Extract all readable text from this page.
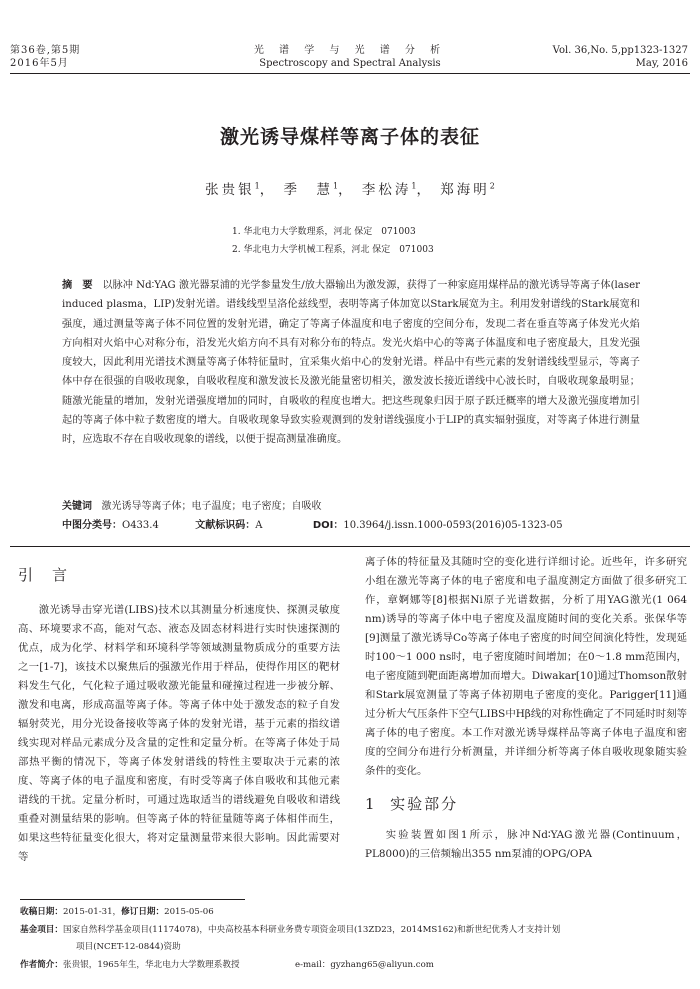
第36卷,第5期
2016年5月
光 谱 学 与 光 谱 分 析
Spectroscopy and Spectral Analysis
Vol. 36,No. 5,pp1323-1327
May, 2016
激光诱导煤样等离子体的表征
张贵银$^1$， 季　慧$^1$， 李松涛$^1$， 郑海明$^2$
1. 华北电力大学数理系，河北 保定　071003
2. 华北电力大学机械工程系，河北 保定　071003
摘　要 以脉冲 Nd∶YAG 激光器泵浦的光学参量发生/放大器输出为激发源，获得了一种家庭用煤样品的激光诱导等离子体(laser induced plasma，LIP)发射光谱。谱线线型呈洛伦兹线型，表明等离子体加宽以Stark展宽为主。利用发射谱线的Stark展宽和强度，通过测量等离子体不同位置的发射光谱，确定了等离子体温度和电子密度的空间分布，发现二者在垂直等离子体发光火焰方向相对火焰中心对称分布，沿发光火焰方向不具有对称分布的特点。发光火焰中心的等离子体温度和电子密度最大，且发光强度较大，因此利用光谱技术测量等离子体特征量时，宜采集火焰中心的发射光谱。样品中有些元素的发射谱线线型显示，等离子体中存在很强的自吸收现象，自吸收程度和激发波长及激光能量密切相关，激发波长接近谱线中心波长时，自吸收现象最明显；随激光能量的增加，发射光谱强度增加的同时，自吸收的程度也增大。把这些现象归因于原子跃迁概率的增大及激光强度增加引起的等离子体中粒子数密度的增大。自吸收现象导致实验观测到的发射谱线强度小于LIP的真实辐射强度，对等离子体进行测量时，应选取不存在自吸收现象的谱线，以便于提高测量准确度。
关键词 激光诱导等离子体；电子温度；电子密度；自吸收
中图分类号：O433.4	文献标识码：A	DOI：10.3964/j.issn.1000-0593(2016)05-1323-05
引　言

激光诱导击穿光谱(LIBS)技术以其测量分析速度快、探测灵敏度高、环境要求不高，能对气态、液态及固态材料进行实时快速探测的优点，成为化学、材料学和环境科学等领域测量物质成分的重要方法之一[1-7]，该技术以聚焦后的强激光作用于样品，使得作用区的靶材料发生气化，气化粒子通过吸收激光能量和碰撞过程进一步被分解、激发和电离，形成高温等离子体。等离子体中处于激发态的粒子自发辐射荧光，用分光设备接收等离子体的发射光谱，基于元素的指纹谱线实现对样品元素成分及含量的定性和定量分析。在等离子体处于局部热平衡的情况下，等离子体发射谱线的特性主要取决于元素的浓度、等离子体的电子温度和密度，有时受等离子体自吸收和其他元素谱线的干扰。定量分析时，可通过选取适当的谱线避免自吸收和谱线重叠对测量结果的影响。但等离子体的特征量随等离子体相伴而生，如果这些特征量变化很大，将对定量测量带来很大影响。因此需要对等

离子体的特征量及其随时空的变化进行详细讨论。近些年，许多研究小组在激光等离子体的电子密度和电子温度测定方面做了很多研究工作，章婀娜等[8]根据Ni原子光谱数据，分析了用YAG激光(1 064 nm)诱导的等离子体中电子密度及温度随时间的变化关系。张保华等[9]测量了激光诱导Co等离子体电子密度的时间空间演化特性，发现延时100～1 000 ns时，电子密度随时间增加；在0～1.8 mm范围内，电子密度随到靶面距离增加而增大。Diwakar[10]通过Thomson散射和Stark展宽测量了等离子体初期电子密度的变化。Parigger[11]通过分析大气压条件下空气LIBS中Hβ线的对称性确定了不同延时时刻等离子体的电子密度。本工作对激光诱导煤样品等离子体电子温度和密度的空间分布进行分析测量，并详细分析等离子体自吸收现象随实验条件的变化。

1 实验部分

实验装置如图1所示，脉冲Nd∶YAG激光器(Continuum，PL8000)的三倍频输出355 nm泵浦的OPG/OPA

收稿日期：2015-01-31，修订日期：2015-05-06
基金项目：国家自然科学基金项目(11174078)，中央高校基本科研业务费专项资金项目(13ZD23，2014MS162)和新世纪优秀人才支持计划
项目(NCET-12-0844)资助
作者简介：张贵银，1965年生，华北电力大学数理系教授	e-mail：gyzhang65@aliyun.com
